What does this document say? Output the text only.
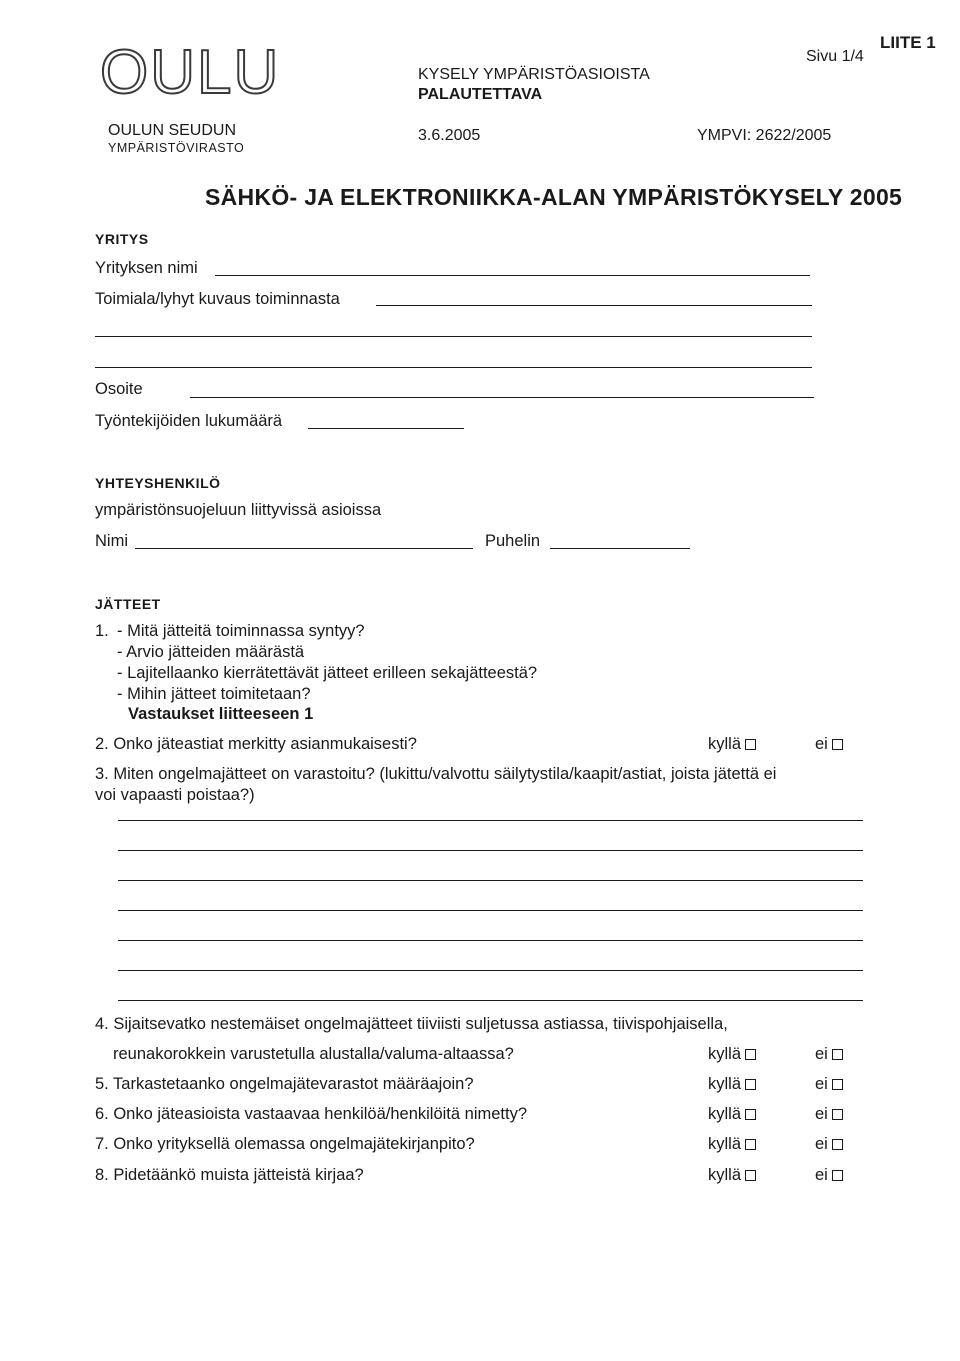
OULU
OULUN SEUDUN
YMPÄRISTÖVIRASTO
KYSELY YMPÄRISTÖASIOISTA
PALAUTETTAVA
3.6.2005
Sivu 1/4
LIITE 1
YMPVI: 2622/2005
SÄHKÖ- JA ELEKTRONIIKKA-ALAN YMPÄRISTÖKYSELY 2005
YRITYS
Yrityksen nimi
Toimiala/lyhyt kuvaus toiminnasta
Osoite
Työntekijöiden lukumäärä
YHTEYSHENKILÖ
ympäristönsuojeluun liittyvissä asioissa
Nimi	Puhelin
JÄTTEET
1. - Mitä jätteitä toiminnassa syntyy?
- Arvio jätteiden määrästä
- Lajitellaanko kierrätettävät jätteet erilleen sekajätteestä?
- Mihin jätteet toimitetaan?
Vastaukset liitteeseen 1
2. Onko jäteastiat merkitty asianmukaisesti?	kyllä	ei
3. Miten ongelmajätteet on varastoitu? (lukittu/valvottu säilytystila/kaapit/astiat, joista jätettä ei
voi vapaasti poistaa?)
4. Sijaitsevatko nestemäiset ongelmajätteet tiiviisti suljetussa astiassa, tiivispohjaisella,
reunakorokkein varustetulla alustalla/valuma-altaassa?	kyllä	ei
5. Tarkastetaanko ongelmajätevarastot määräajoin?	kyllä	ei
6. Onko jäteasioista vastaavaa henkilöä/henkilöitä nimetty?	kyllä	ei
7. Onko yrityksellä olemassa ongelmajätekirjanpito?	kyllä	ei
8. Pidetäänkö muista jätteistä kirjaa?	kyllä	ei
